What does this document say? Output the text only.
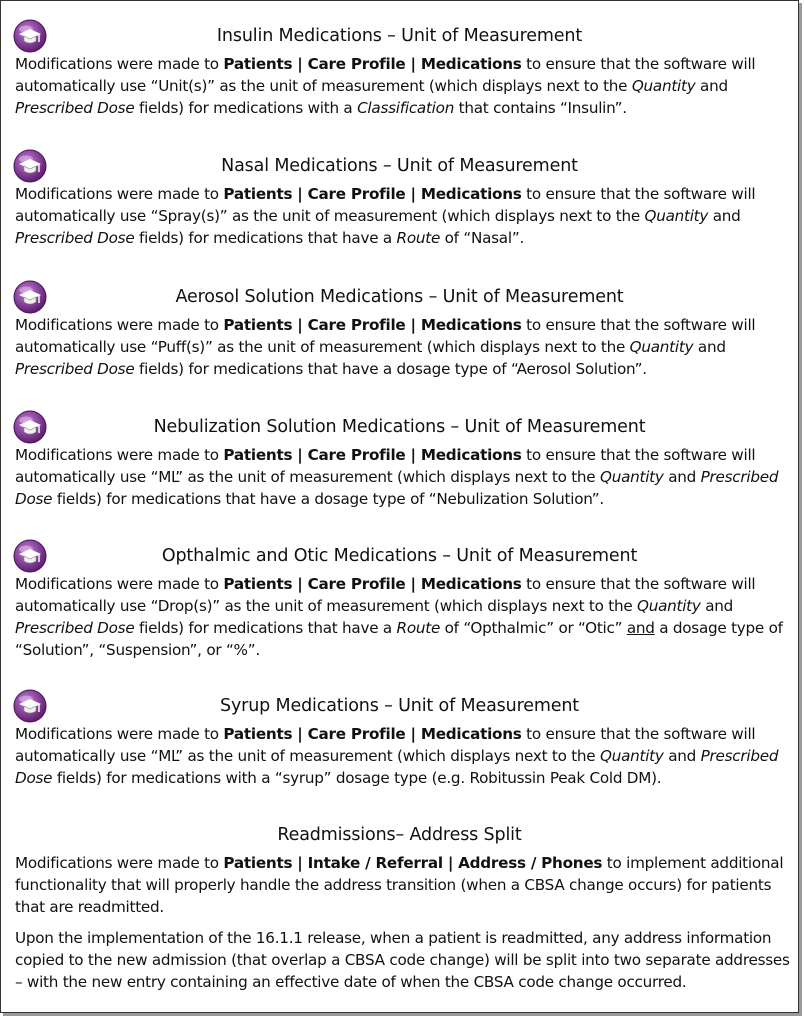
Insulin Medications – Unit of Measurement
Modifications were made to Patients | Care Profile | Medications to ensure that the software will automatically use “Unit(s)” as the unit of measurement (which displays next to the Quantity and Prescribed Dose fields) for medications with a Classification that contains “Insulin”.
Nasal Medications – Unit of Measurement
Modifications were made to Patients | Care Profile | Medications to ensure that the software will automatically use “Spray(s)” as the unit of measurement (which displays next to the Quantity and Prescribed Dose fields) for medications that have a Route of “Nasal”.
Aerosol Solution Medications – Unit of Measurement
Modifications were made to Patients | Care Profile | Medications to ensure that the software will automatically use “Puff(s)” as the unit of measurement (which displays next to the Quantity and Prescribed Dose fields) for medications that have a dosage type of “Aerosol Solution”.
Nebulization Solution Medications – Unit of Measurement
Modifications were made to Patients | Care Profile | Medications to ensure that the software will automatically use “ML” as the unit of measurement (which displays next to the Quantity and Prescribed Dose fields) for medications that have a dosage type of “Nebulization Solution”.
Opthalmic and Otic Medications – Unit of Measurement
Modifications were made to Patients | Care Profile | Medications to ensure that the software will automatically use “Drop(s)” as the unit of measurement (which displays next to the Quantity and Prescribed Dose fields) for medications that have a Route of “Opthalmic” or “Otic” and a dosage type of “Solution”, “Suspension”, or “%”.
Syrup Medications – Unit of Measurement
Modifications were made to Patients | Care Profile | Medications to ensure that the software will automatically use “ML” as the unit of measurement (which displays next to the Quantity and Prescribed Dose fields) for medications with a “syrup” dosage type (e.g. Robitussin Peak Cold DM).
Readmissions– Address Split
Modifications were made to Patients | Intake / Referral | Address / Phones to implement additional functionality that will properly handle the address transition (when a CBSA change occurs) for patients that are readmitted.
Upon the implementation of the 16.1.1 release, when a patient is readmitted, any address information copied to the new admission (that overlap a CBSA code change) will be split into two separate addresses – with the new entry containing an effective date of when the CBSA code change occurred.
